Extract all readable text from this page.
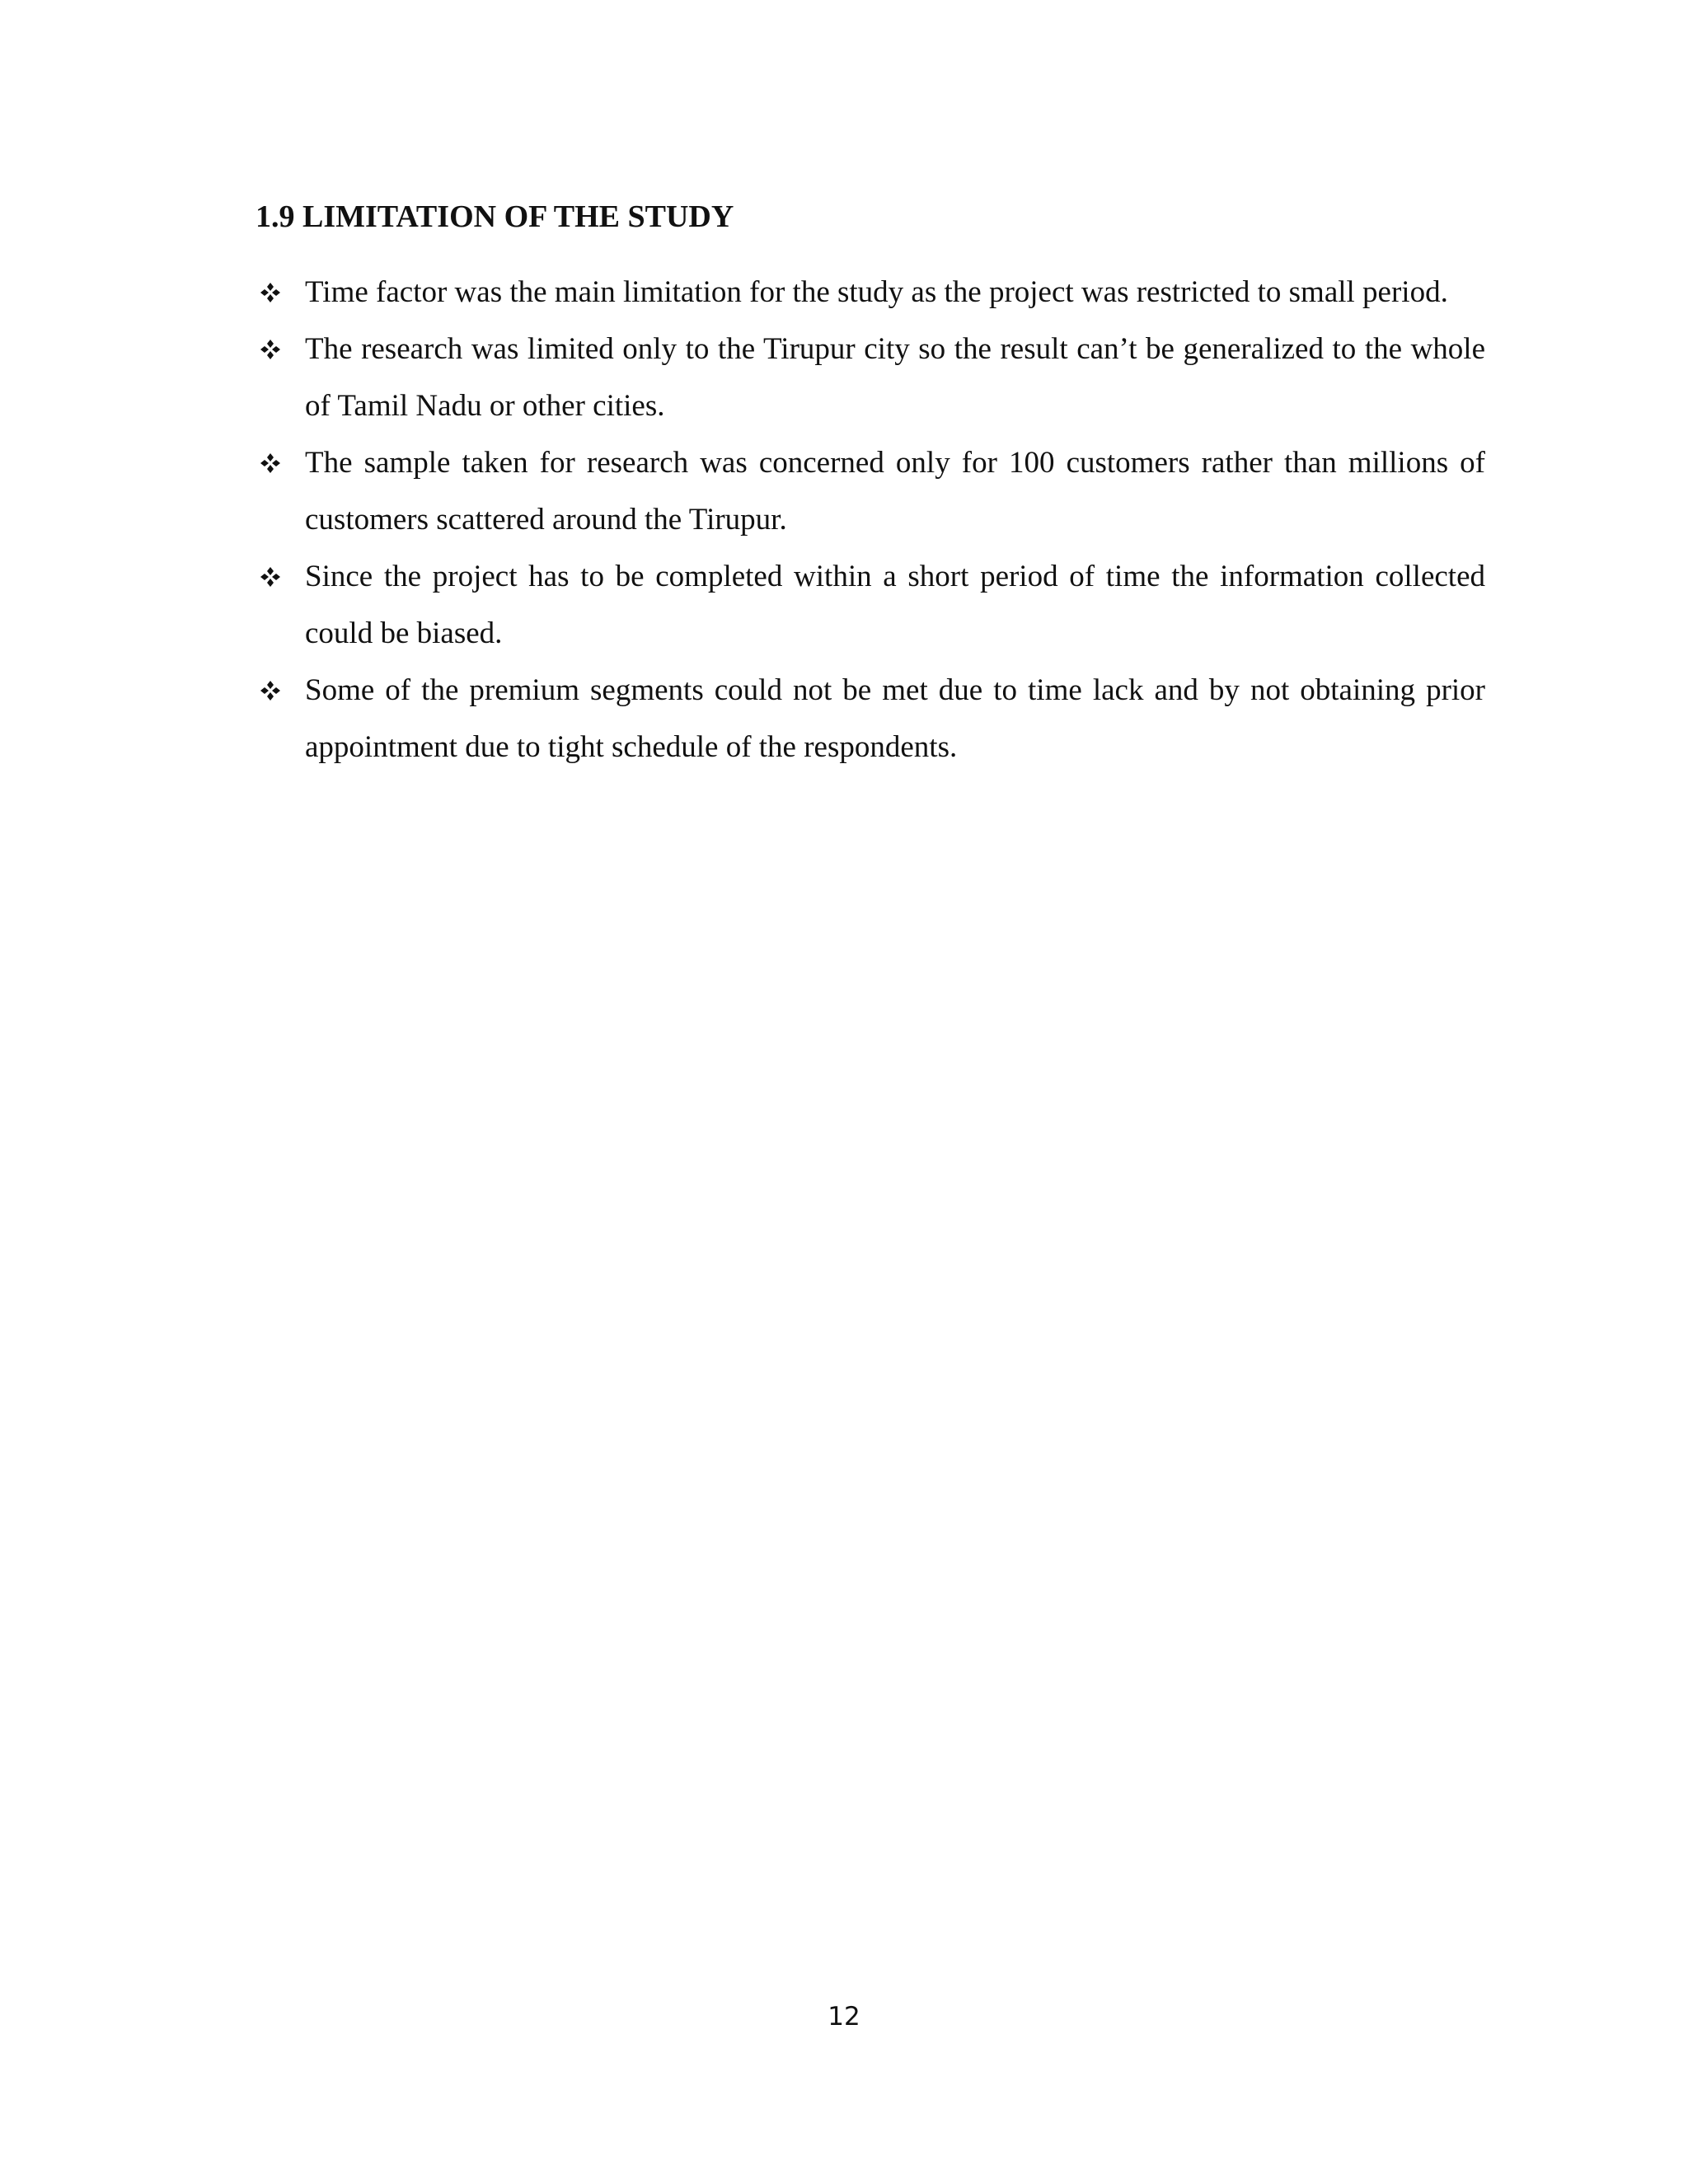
1.9 LIMITATION OF THE STUDY
Time factor was the main limitation for the study as the project was restricted to small period.
The research was limited only to the Tirupur city so the result can’t be generalized to the whole of Tamil Nadu or other cities.
The sample taken for research was concerned only for 100 customers rather than millions of customers scattered around the Tirupur.
Since the project has to be completed within a short period of time the information collected could be biased.
Some of the premium segments could not be met due to time lack and by not obtaining prior appointment due to tight schedule of the respondents.
12
